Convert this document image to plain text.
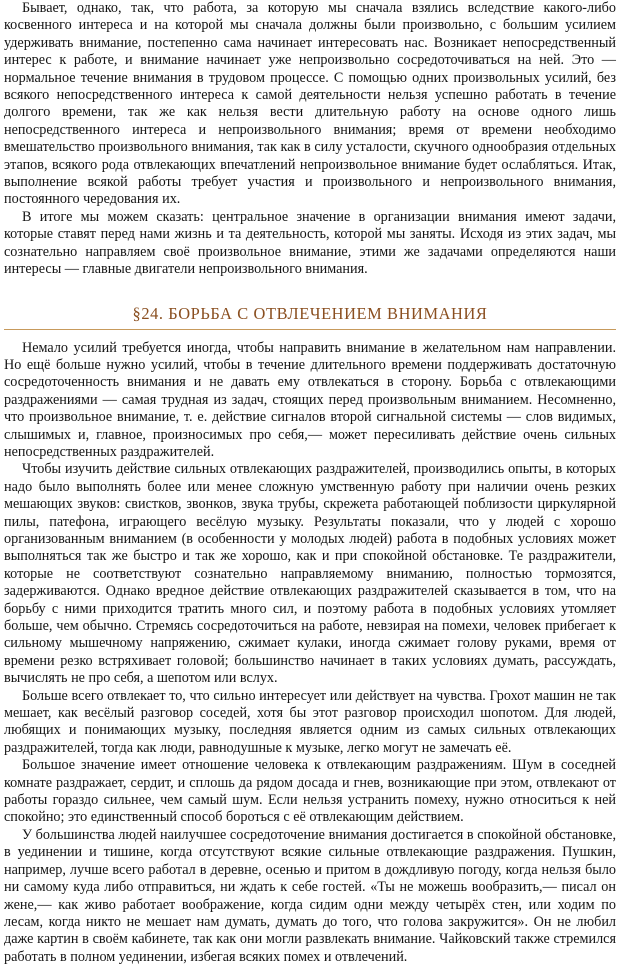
Бывает, однако, так, что работа, за которую мы сначала взялись вследствие какого-либо косвенного интереса и на которой мы сначала должны были произвольно, с большим усилием удерживать внимание, постепенно сама начинает интересовать нас. Возникает непосредственный интерес к работе, и внимание начинает уже непроизвольно сосредоточиваться на ней. Это — нормальное течение внимания в трудовом процессе. С помощью одних произвольных усилий, без всякого непосредственного интереса к самой деятельности нельзя успешно работать в течение долгого времени, так же как нельзя вести длительную работу на основе одного лишь непосредственного интереса и непроизвольного внимания; время от времени необходимо вмешательство произвольного внимания, так как в силу усталости, скучного однообразия отдельных этапов, всякого рода отвлекающих впечатлений непроизвольное внимание будет ослабляться. Итак, выполнение всякой работы требует участия и произвольного и непроизвольного внимания, постоянного чередования их.

В итоге мы можем сказать: центральное значение в организации внимания имеют задачи, которые ставят перед нами жизнь и та деятельность, которой мы заняты. Исходя из этих задач, мы сознательно направляем своё произвольное внимание, этими же задачами определяются наши интересы — главные двигатели непроизвольного внимания.

§24. БОРЬБА С ОТВЛЕЧЕНИЕМ ВНИМАНИЯ

Немало усилий требуется иногда, чтобы направить внимание в желательном нам направлении. Но ещё больше нужно усилий, чтобы в течение длительного времени поддерживать достаточную сосредоточенность внимания и не давать ему отвлекаться в сторону. Борьба с отвлекающими раздражениями — самая трудная из задач, стоящих перед произвольным вниманием. Несомненно, что произвольное внимание, т. е. действие сигналов второй сигнальной системы — слов видимых, слышимых и, главное, произносимых про себя,— может пересиливать действие очень сильных непосредственных раздражителей.

Чтобы изучить действие сильных отвлекающих раздражителей, производились опыты, в которых надо было выполнять более или менее сложную умственную работу при наличии очень резких мешающих звуков: свистков, звонков, звука трубы, скрежета работающей поблизости циркулярной пилы, патефона, играющего весёлую музыку. Результаты показали, что у людей с хорошо организованным вниманием (в особенности у молодых людей) работа в подобных условиях может выполняться так же быстро и так же хорошо, как и при спокойной обстановке. Те раздражители, которые не соответствуют сознательно направляемому вниманию, полностью тормозятся, задерживаются. Однако вредное действие отвлекающих раздражителей сказывается в том, что на борьбу с ними приходится тратить много сил, и поэтому работа в подобных условиях утомляет больше, чем обычно. Стремясь сосредоточиться на работе, невзирая на помехи, человек прибегает к сильному мышечному напряжению, сжимает кулаки, иногда сжимает голову руками, время от времени резко встряхивает головой; большинство начинает в таких условиях думать, рассуждать, вычислять не про себя, а шепотом или вслух.

Больше всего отвлекает то, что сильно интересует или действует на чувства. Грохот машин не так мешает, как весёлый разговор соседей, хотя бы этот разговор происходил шопотом. Для людей, любящих и понимающих музыку, последняя является одним из самых сильных отвлекающих раздражителей, тогда как люди, равнодушные к музыке, легко могут не замечать её.

Большое значение имеет отношение человека к отвлекающим раздражениям. Шум в соседней комнате раздражает, сердит, и сплошь да рядом досада и гнев, возникающие при этом, отвлекают от работы гораздо сильнее, чем самый шум. Если нельзя устранить помеху, нужно относиться к ней спокойно; это единственный способ бороться с её отвлекающим действием.

У большинства людей наилучшее сосредоточение внимания достигается в спокойной обстановке, в уединении и тишине, когда отсутствуют всякие сильные отвлекающие раздражения. Пушкин, например, лучше всего работал в деревне, осенью и притом в дождливую погоду, когда нельзя было ни самому куда либо отправиться, ни ждать к себе гостей. «Ты не можешь вообразить,— писал он жене,— как живо работает воображение, когда сидим одни между четырёх стен, или ходим по лесам, когда никто не мешает нам думать, думать до того, что голова закружится». Он не любил даже картин в своём кабинете, так как они могли развлекать внимание. Чайковский также стремился работать в полном уединении, избегая всяких помех и отвлечений.
